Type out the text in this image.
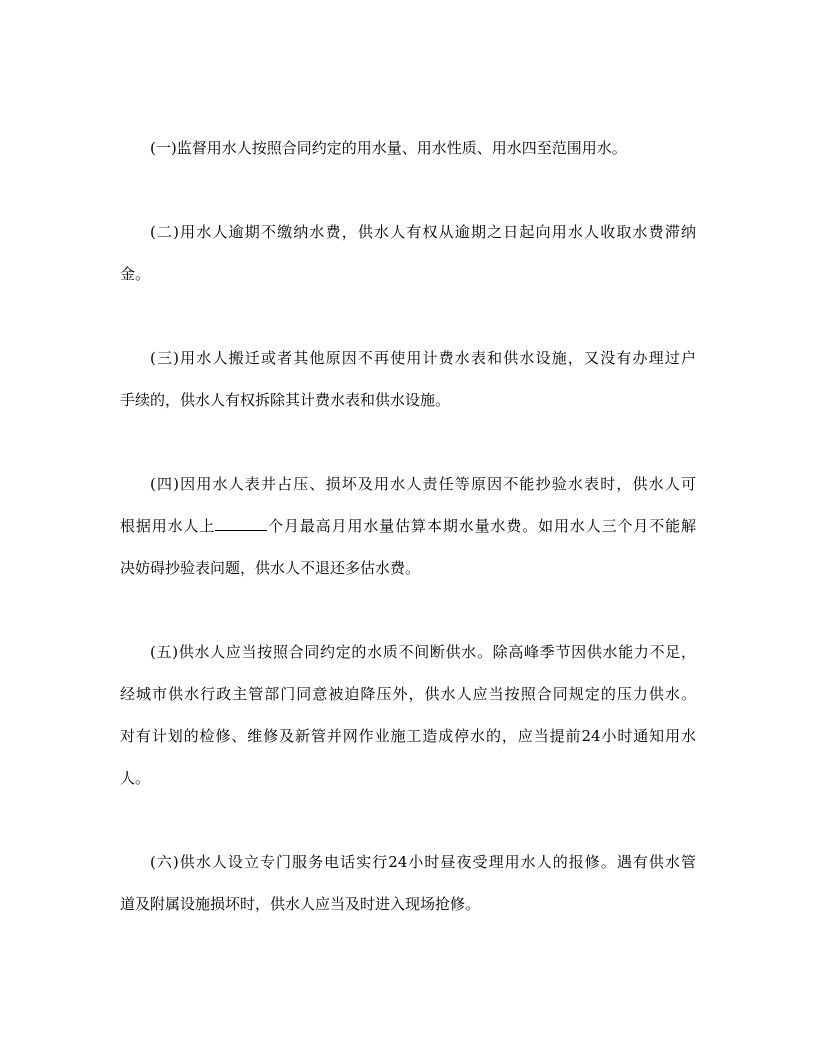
(一)监督用水人按照合同约定的用水量、用水性质、用水四至范围用水。
(二)用水人逾期不缴纳水费，供水人有权从逾期之日起向用水人收取水费滞纳
金。
(三)用水人搬迁或者其他原因不再使用计费水表和供水设施，又没有办理过户
手续的，供水人有权拆除其计费水表和供水设施。
(四)因用水人表井占压、损坏及用水人责任等原因不能抄验水表时，供水人可
根据用水人上	个月最高月用水量估算本期水量水费。如用水人三个月不能解
决妨碍抄验表问题，供水人不退还多估水费。
(五)供水人应当按照合同约定的水质不间断供水。除高峰季节因供水能力不足，
经城市供水行政主管部门同意被迫降压外，供水人应当按照合同规定的压力供水。
对有计划的检修、维修及新管并网作业施工造成停水的，应当提前24小时通知用水
人。
(六)供水人设立专门服务电话实行24小时昼夜受理用水人的报修。遇有供水管
道及附属设施损坏时，供水人应当及时进入现场抢修。
